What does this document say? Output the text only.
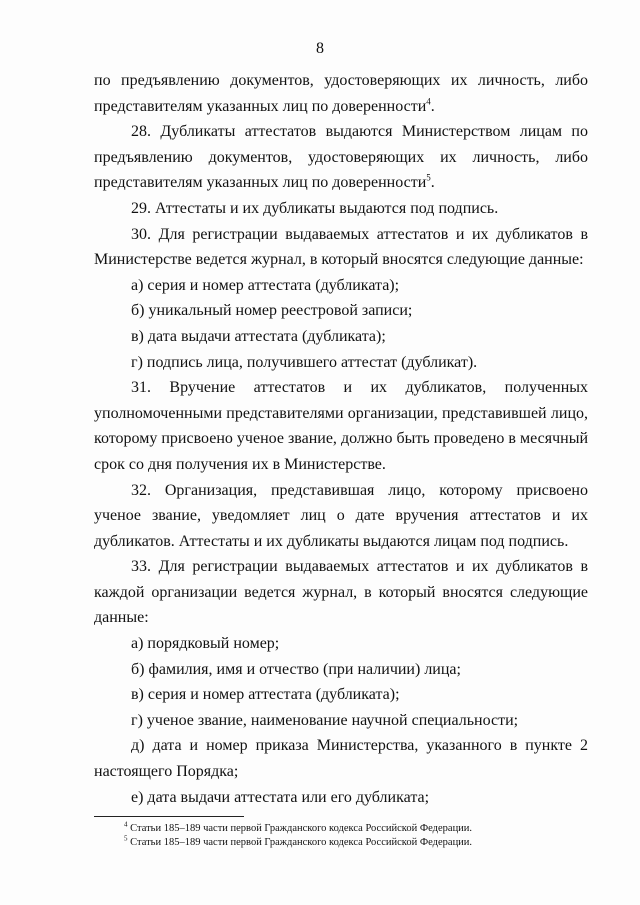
8

по предъявлению документов, удостоверяющих их личность, либо представителям указанных лиц по доверенности$^4$.

28. Дубликаты аттестатов выдаются Министерством лицам по предъявлению документов, удостоверяющих их личность, либо представителям указанных лиц по доверенности$^5$.

29. Аттестаты и их дубликаты выдаются под подпись.

30. Для регистрации выдаваемых аттестатов и их дубликатов в Министерстве ведется журнал, в который вносятся следующие данные:

а) серия и номер аттестата (дубликата);

б) уникальный номер реестровой записи;

в) дата выдачи аттестата (дубликата);

г) подпись лица, получившего аттестат (дубликат).

31. Вручение аттестатов и их дубликатов, полученных уполномоченными представителями организации, представившей лицо, которому присвоено ученое звание, должно быть проведено в месячный срок со дня получения их в Министерстве.

32. Организация, представившая лицо, которому присвоено ученое звание, уведомляет лиц о дате вручения аттестатов и их дубликатов. Аттестаты и их дубликаты выдаются лицам под подпись.

33. Для регистрации выдаваемых аттестатов и их дубликатов в каждой организации ведется журнал, в который вносятся следующие данные:

а) порядковый номер;

б) фамилия, имя и отчество (при наличии) лица;

в) серия и номер аттестата (дубликата);

г) ученое звание, наименование научной специальности;

д) дата и номер приказа Министерства, указанного в пункте 2 настоящего Порядка;

е) дата выдачи аттестата или его дубликата;

$^4$ Статьи 185–189 части первой Гражданского кодекса Российской Федерации.

$^5$ Статьи 185–189 части первой Гражданского кодекса Российской Федерации.
